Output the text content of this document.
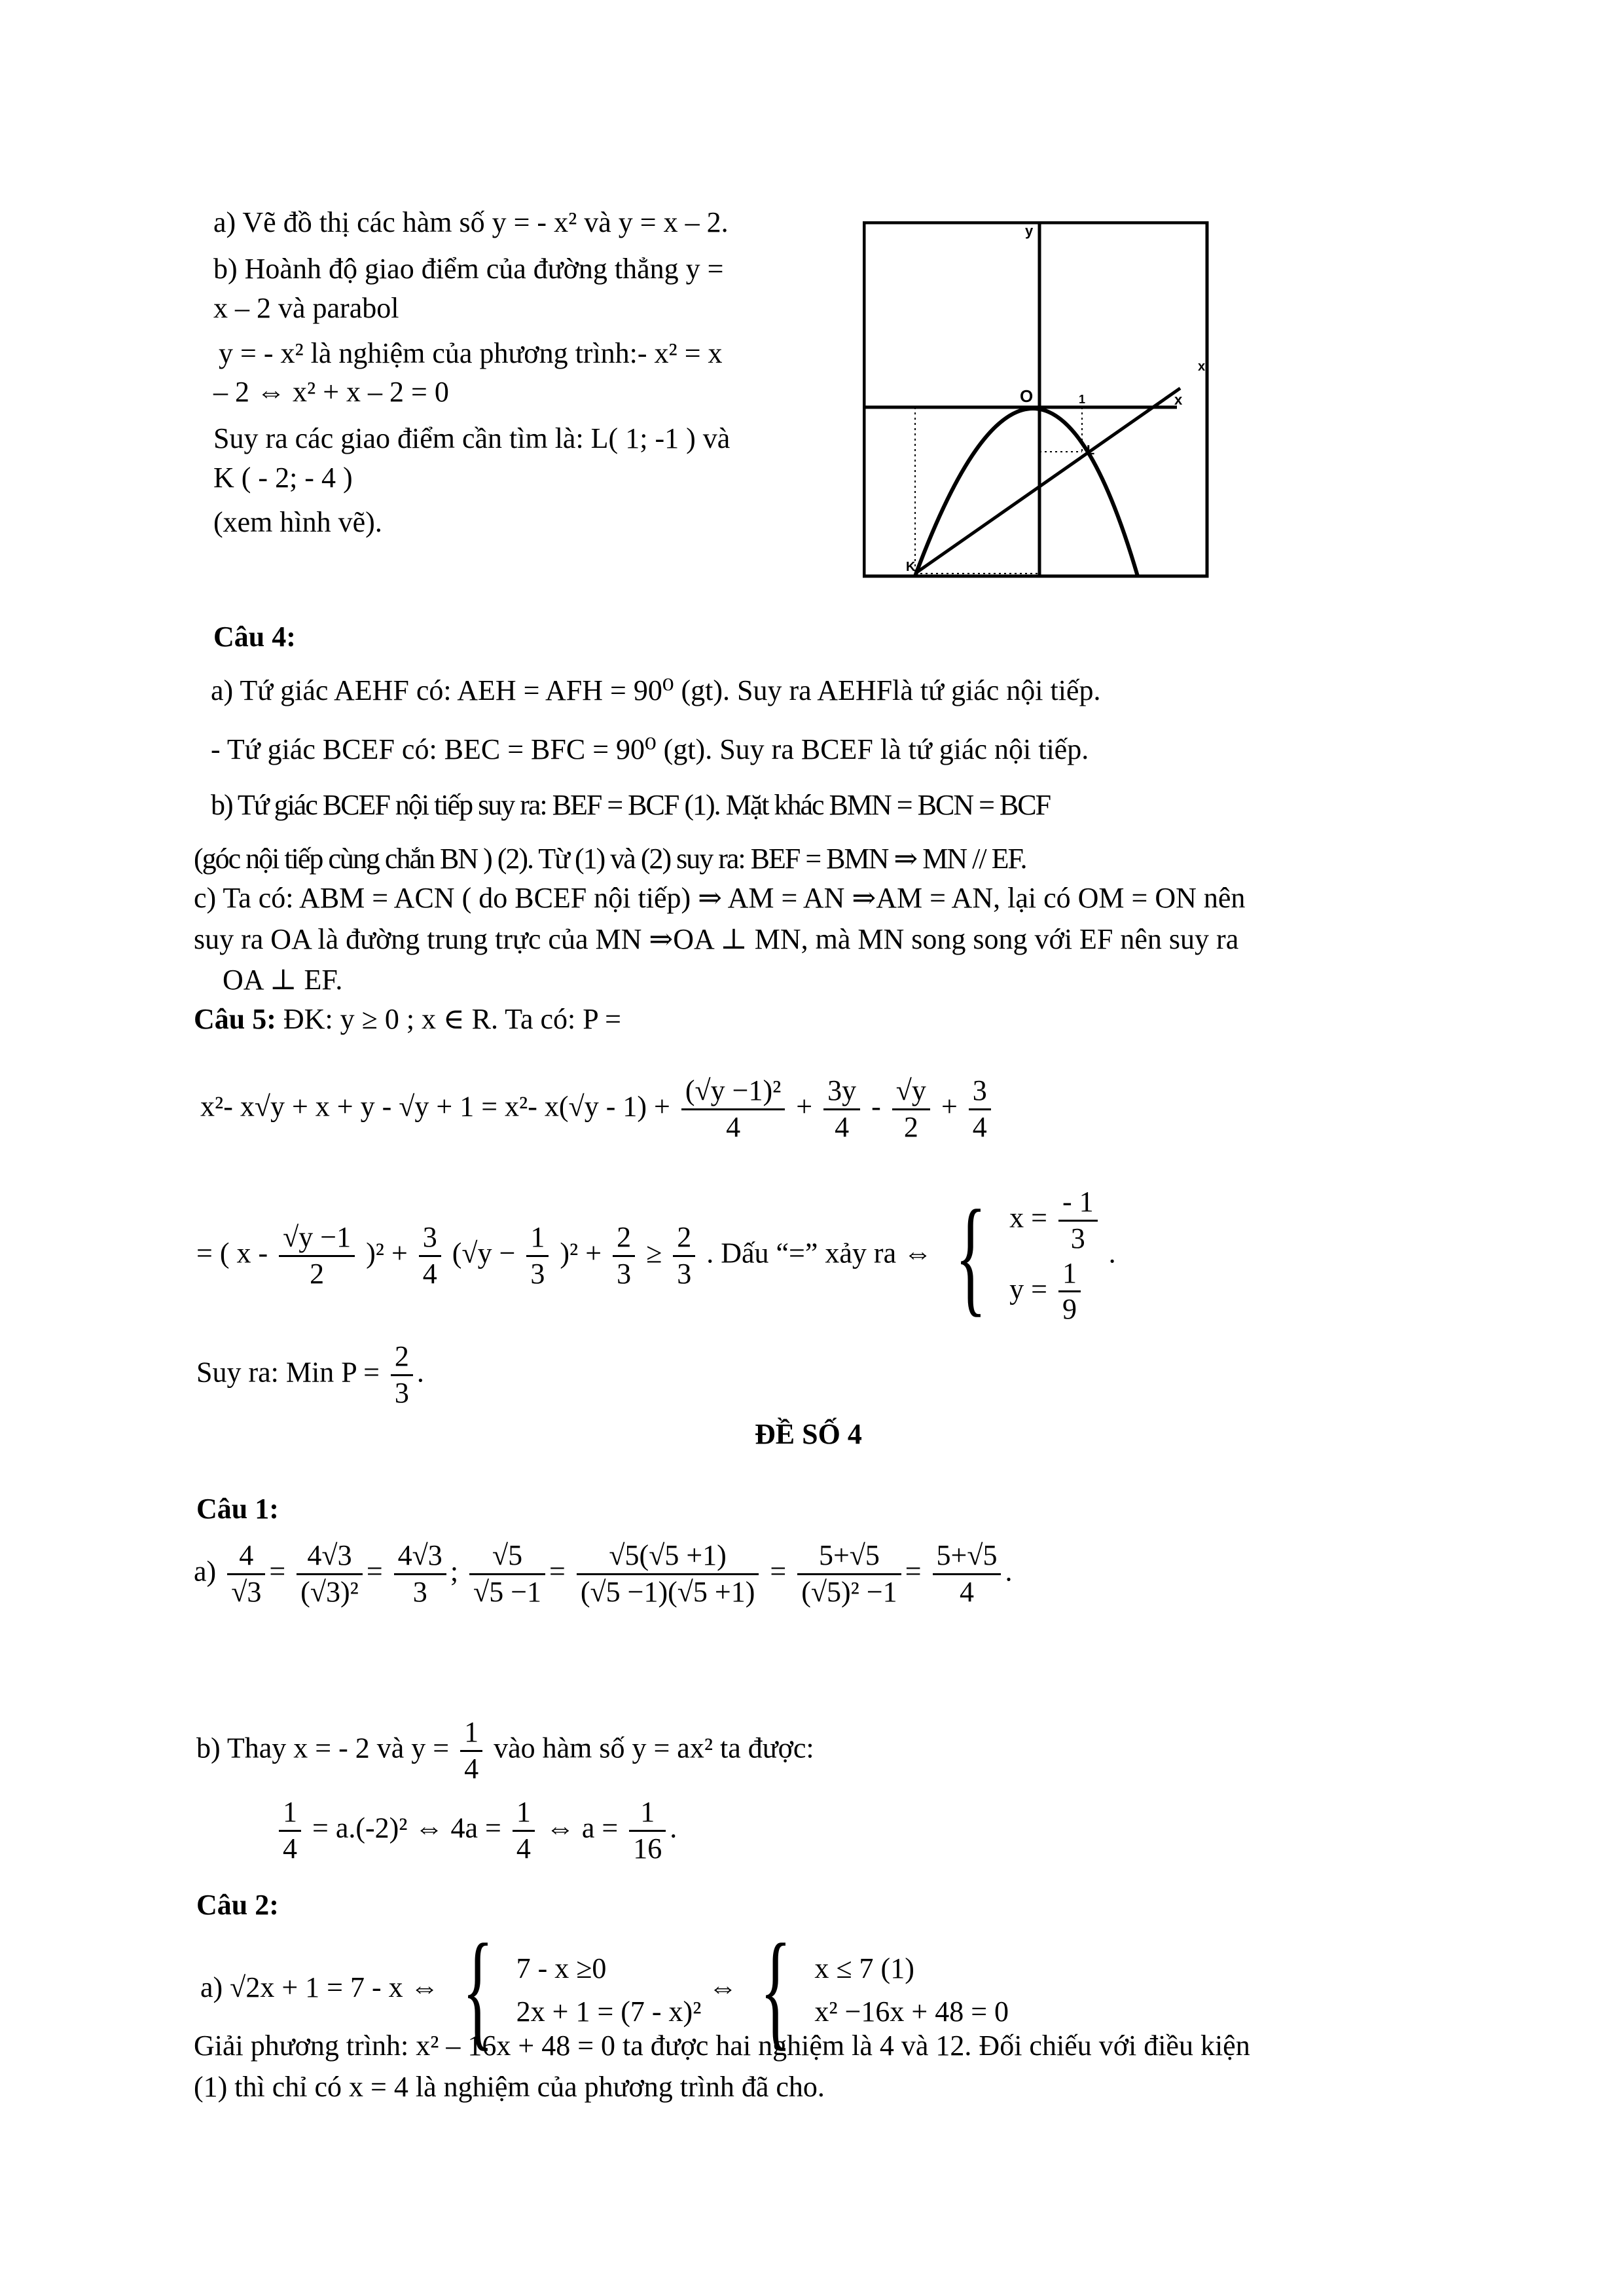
a) Vẽ đồ thị các hàm số y = - x² và y = x – 2.
b) Hoành độ giao điểm của đường thẳng y =
x – 2 và parabol
y = - x² là nghiệm của phương trình:- x² = x
– 2 ⇔ x² + x – 2 = 0
Suy ra các giao điểm cần tìm là: L( 1; -1 ) và
K ( - 2; - 4 )
(xem hình vẽ).
y
x
O	1
L
K
x
Câu 4:
a) Tứ giác AEHF có: AEH = AFH = 90⁰ (gt). Suy ra AEHFlà tứ giác nội tiếp.
- Tứ giác BCEF có: BEC = BFC = 90⁰ (gt). Suy ra BCEF là tứ giác nội tiếp.
b) Tứ giác BCEF nội tiếp suy ra: BEF = BCF (1). Mặt khác BMN = BCN = BCF
(góc nội tiếp cùng chắn BN ) (2). Từ (1) và (2) suy ra: BEF = BMN ⇒ MN // EF.
c) Ta có: ABM = ACN ( do BCEF nội tiếp) ⇒ AM = AN ⇒AM = AN, lại có OM = ON nên
suy ra OA là đường trung trực của MN ⇒OA ⊥ MN, mà MN song song với EF nên suy ra
OA ⊥ EF.
Câu 5: ĐK: y ≥ 0 ; x ∈ R. Ta có: P =
x²- x√y + x + y - √y + 1 = x²- $x(√y - 1) + \frac{\text{(√y −1)²}}{4} + \frac{3y}{4} - \frac{√y}{2} + \frac{3}{4}$
= ( $x - \frac{√y -1}{2} )^2 + \frac{3}{4} (√y - \frac{1}{3} )^2 + \frac{2}{3} \ge \frac{2}{3}$ . Dấu “=” xảy ra ⇔ { $x = \frac{- 1}{3}$
$y = \frac{1}{9}$
.
Suy ra: Min $P = \frac{2}{3}$ .
ĐỀ SỐ 4
Câu 1:
$a) \frac{4}{√3} = \frac{4√3}{\text{(√3)²}} = \frac{4√3}{3}$ ; $\frac{√5}{√5 -1} = \frac{√5(√5 +1)}{(√5 -1)(√5 +1)} = \frac{5+√5}{\text{(√5)² −1}} = \frac{5+√5}{4}$ .
b) Thay x = - 2 và $y = \frac{1}{4}$ vào hàm số y = ax² ta được:
$\frac{1}{4} = a.(-2)^2$ ⇔ $4a = \frac{1}{4}$ ⇔ $a = \frac{1}{16}$ .
Câu 2:
a) √2x + 1 = 7 - x ⇔ { 7 - x ≥0
2x + 1 = (7 - x)²
⇔ { x ≤ 7 (1)
x² −16x + 48 = 0
Giải phương trình: x² – 16x + 48 = 0 ta được hai nghiệm là 4 và 12. Đối chiếu với điều kiện
(1) thì chỉ có x = 4 là nghiệm của phương trình đã cho.
